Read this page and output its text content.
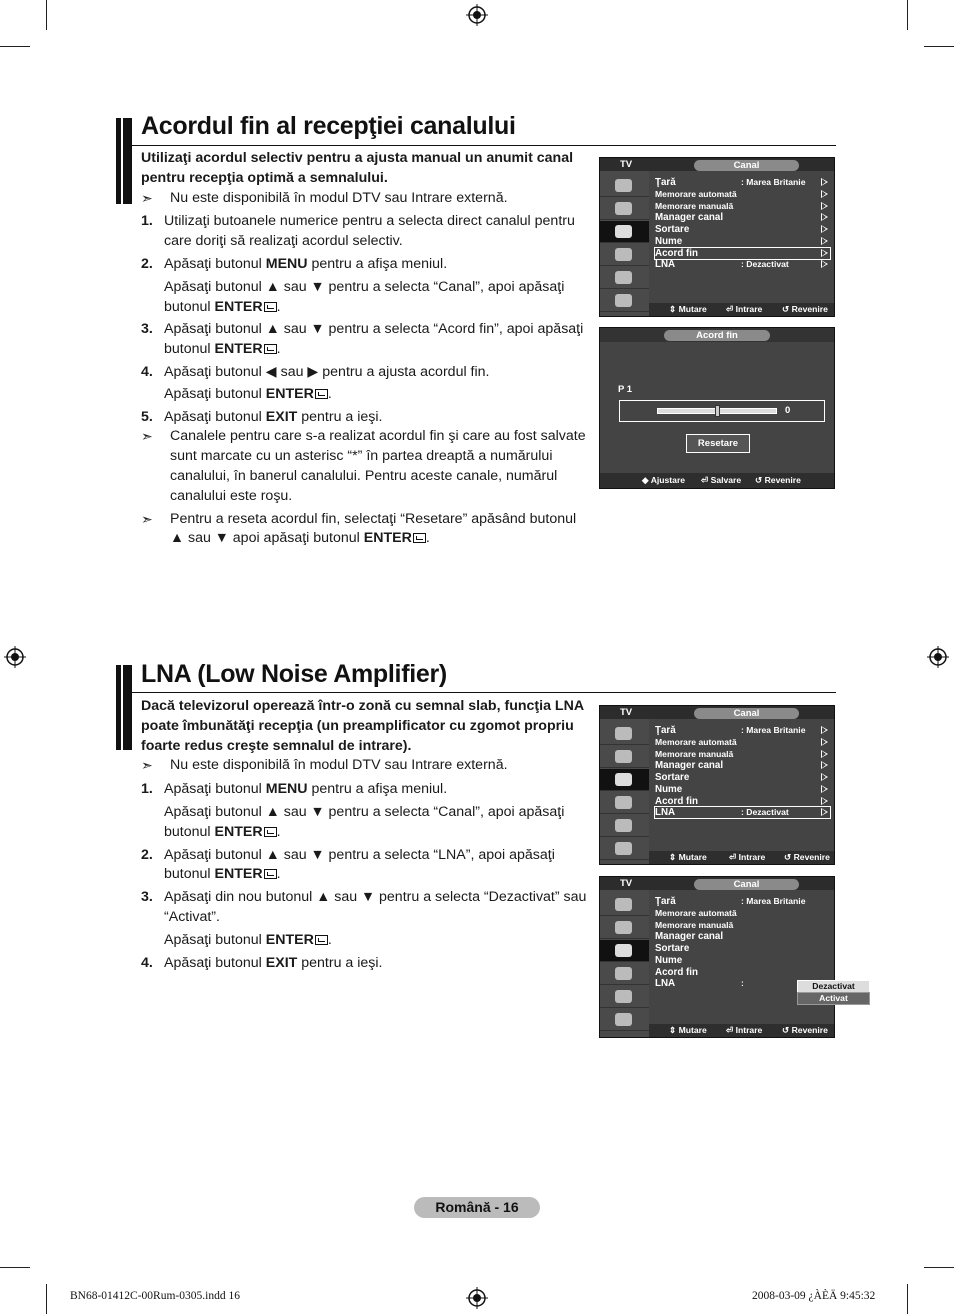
Acordul fin al recepţiei canalului
Utilizaţi acordul selectiv pentru a ajusta manual un anumit canal pentru recepţia optimă a semnalului.
➣ Nu este disponibilă în modul DTV sau Intrare externă.
1. Utilizaţi butoanele numerice pentru a selecta direct canalul pentru care doriţi să realizaţi acordul selectiv.
2. Apăsaţi butonul MENU pentru a afişa meniul.
Apăsaţi butonul ▲ sau ▼ pentru a selecta “Canal”, apoi apăsaţi butonul ENTER .
3. Apăsaţi butonul ▲ sau ▼ pentru a selecta “Acord fin”, apoi apăsaţi butonul ENTER .
4. Apăsaţi butonul ◀ sau ▶ pentru a ajusta acordul fin.
Apăsaţi butonul ENTER .
5. Apăsaţi butonul EXIT pentru a ieşi.
➣ Canalele pentru care s-a realizat acordul fin şi care au fost salvate sunt marcate cu un asterisc “*” în partea dreaptă a numărului canalului, în banerul canalului. Pentru aceste canale, numărul canalului este roşu.
➣ Pentru a reseta acordul fin, selectaţi “Resetare” apăsând butonul ▲ sau ▼ apoi apăsaţi butonul ENTER .
TV	Canal
Ţară	: Marea Britanie
Memorare automată
Memorare manuală
Manager canal
Sortare
Nume
Acord fin
LNA	: Dezactivat
⇕ Mutare ⏎ Intrare ↺ Revenire
Acord fin
P 1
0
Resetare
◆ Ajustare ⏎ Salvare ↺ Revenire
LNA (Low Noise Amplifier)
Dacă televizorul operează într-o zonă cu semnal slab, funcţia LNA poate îmbunătăţi recepţia (un preamplificator cu zgomot propriu foarte redus creşte semnalul de intrare).
➣ Nu este disponibilă în modul DTV sau Intrare externă.
1. Apăsaţi butonul MENU pentru a afişa meniul.
Apăsaţi butonul ▲ sau ▼ pentru a selecta “Canal”, apoi apăsaţi butonul ENTER .
2. Apăsaţi butonul ▲ sau ▼ pentru a selecta “LNA”, apoi apăsaţi butonul ENTER .
3. Apăsaţi din nou butonul ▲ sau ▼ pentru a selecta “Dezactivat” sau “Activat”.
Apăsaţi butonul ENTER .
4. Apăsaţi butonul EXIT pentru a ieşi.
TV	Canal
Ţară	: Marea Britanie
Memorare automată
Memorare manuală
Manager canal
Sortare
Nume
Acord fin
LNA	: Dezactivat
⇕ Mutare	⏎ Intrare ↺ Revenire
TV	Canal
Ţară	: Marea Britanie
Memorare automată
Memorare manuală
Manager canal
Sortare
Nume
Acord fin
LNA	:	Dezactivat
Activat
⇕ Mutare ⏎ Intrare ↺ Revenire
Română - 16
BN68-01412C-00Rum-0305.indd 16	2008-03-09 ¿ÀÈÄ 9:45:32
